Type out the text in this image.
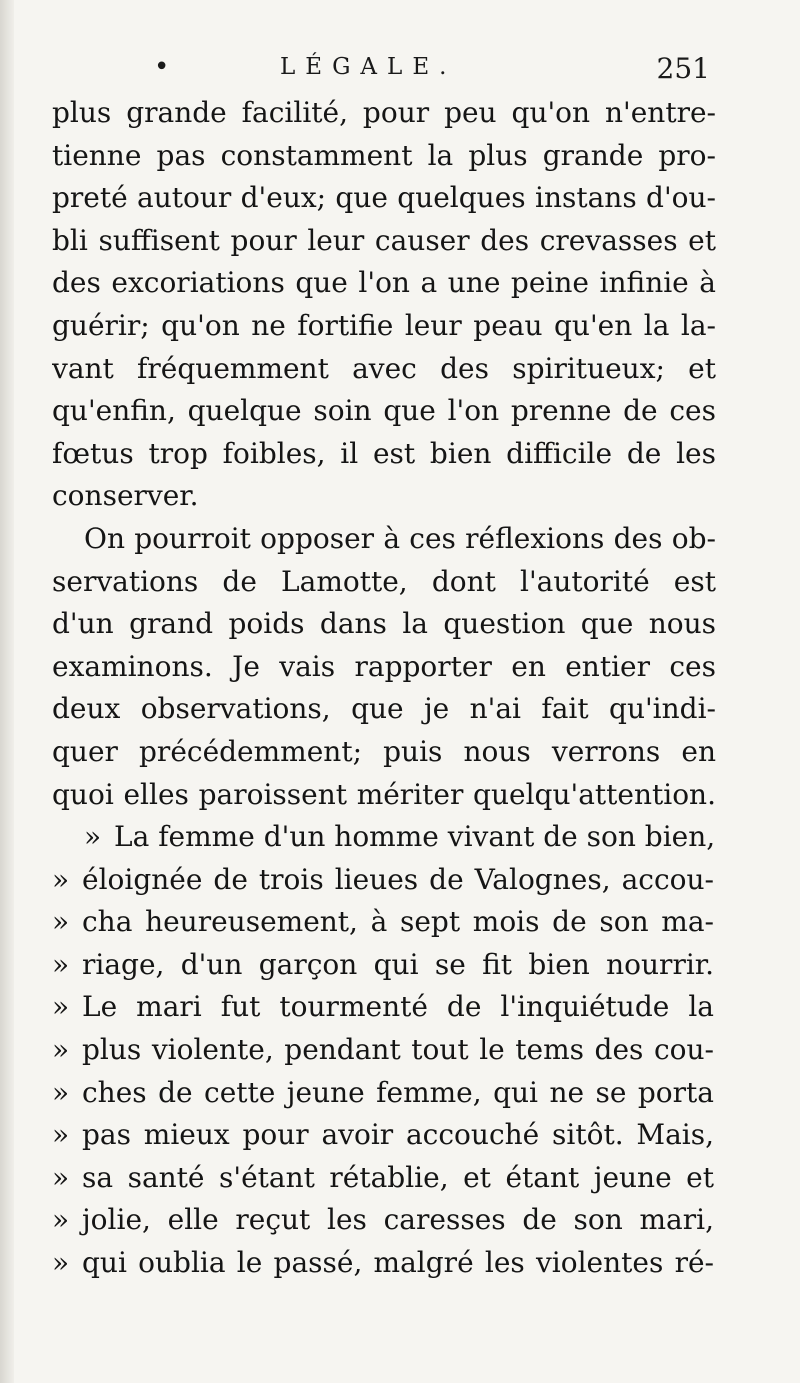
•	LÉGALE.	251
plus grande facilité, pour peu qu'on n'entre-
tienne pas constamment la plus grande pro-
preté autour d'eux; que quelques instans d'ou-
bli suffisent pour leur causer des crevasses et
des excoriations que l'on a une peine infinie à
guérir; qu'on ne fortifie leur peau qu'en la la-
vant fréquemment avec des spiritueux; et
qu'enfin, quelque soin que l'on prenne de ces
fœtus trop foibles, il est bien difficile de les
conserver.
On pourroit opposer à ces réflexions des ob-
servations de Lamotte, dont l'autorité est
d'un grand poids dans la question que nous
examinons. Je vais rapporter en entier ces
deux observations, que je n'ai fait qu'indi-
quer précédemment; puis nous verrons en
quoi elles paroissent mériter quelqu'attention.
» La femme d'un homme vivant de son bien,
» éloignée de trois lieues de Valognes, accou-
» cha heureusement, à sept mois de son ma-
» riage, d'un garçon qui se fit bien nourrir.
» Le mari fut tourmenté de l'inquiétude la
» plus violente, pendant tout le tems des cou-
» ches de cette jeune femme, qui ne se porta
» pas mieux pour avoir accouché sitôt. Mais,
» sa santé s'étant rétablie, et étant jeune et
» jolie, elle reçut les caresses de son mari,
» qui oublia le passé, malgré les violentes ré-
